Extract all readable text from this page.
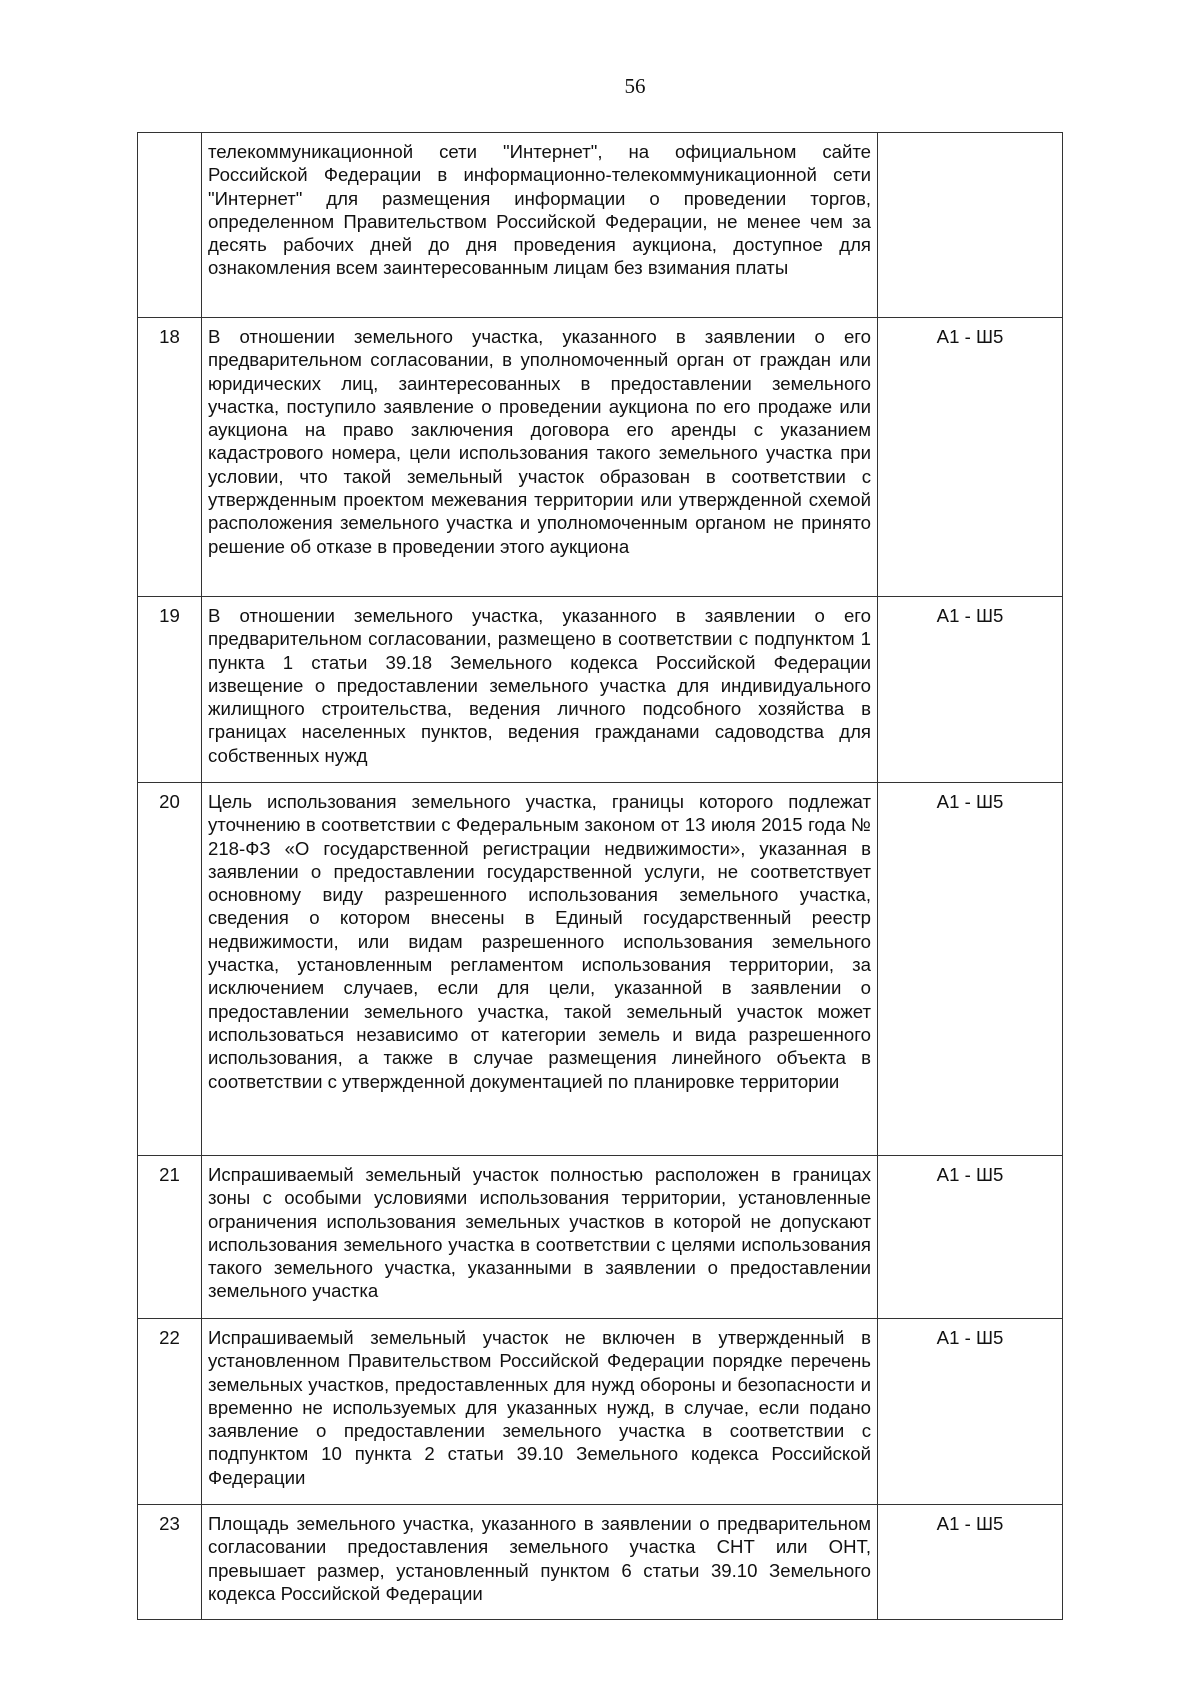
56
	телекоммуникационной сети "Интернет", на официальном сайте Российской Федерации в информационно-телекоммуникационной сети "Интернет" для размещения информации о проведении торгов, определенном Правительством Российской Федерации, не менее чем за десять рабочих дней до дня проведения аукциона, доступное для ознакомления всем заинтересованным лицам без взимания платы	
18	В отношении земельного участка, указанного в заявлении о его предварительном согласовании, в уполномоченный орган от граждан или юридических лиц, заинтересованных в предоставлении земельного участка, поступило заявление о проведении аукциона по его продаже или аукциона на право заключения договора его аренды с указанием кадастрового номера, цели использования такого земельного участка при условии, что такой земельный участок образован в соответствии с утвержденным проектом межевания территории или утвержденной схемой расположения земельного участка и уполномоченным органом не принято решение об отказе в проведении этого аукциона	А1 - Ш5
19	В отношении земельного участка, указанного в заявлении о его предварительном согласовании, размещено в соответствии с подпунктом 1 пункта 1 статьи 39.18 Земельного кодекса Российской Федерации извещение о предоставлении земельного участка для индивидуального жилищного строительства, ведения личного подсобного хозяйства в границах населенных пунктов, ведения гражданами садоводства для собственных нужд	А1 - Ш5
20	Цель использования земельного участка, границы которого подлежат уточнению в соответствии с Федеральным законом от 13 июля 2015 года № 218-ФЗ «О государственной регистрации недвижимости», указанная в заявлении о предоставлении государственной услуги, не соответствует основному виду разрешенного использования земельного участка, сведения о котором внесены в Единый государственный реестр недвижимости, или видам разрешенного использования земельного участка, установленным регламентом использования территории, за исключением случаев, если для цели, указанной в заявлении о предоставлении земельного участка, такой земельный участок может использоваться независимо от категории земель и вида разрешенного использования, а также в случае размещения линейного объекта в соответствии с утвержденной документацией по планировке территории	А1 - Ш5
21	Испрашиваемый земельный участок полностью расположен в границах зоны с особыми условиями использования территории, установленные ограничения использования земельных участков в которой не допускают использования земельного участка в соответствии с целями использования такого земельного участка, указанными в заявлении о предоставлении земельного участка	А1 - Ш5
22	Испрашиваемый земельный участок не включен в утвержденный в установленном Правительством Российской Федерации порядке перечень земельных участков, предоставленных для нужд обороны и безопасности и временно не используемых для указанных нужд, в случае, если подано заявление о предоставлении земельного участка в соответствии с подпунктом 10 пункта 2 статьи 39.10 Земельного кодекса Российской Федерации	А1 - Ш5
23	Площадь земельного участка, указанного в заявлении о предварительном согласовании предоставления земельного участка СНТ или ОНТ, превышает размер, установленный пунктом 6 статьи 39.10 Земельного кодекса Российской Федерации	А1 - Ш5
